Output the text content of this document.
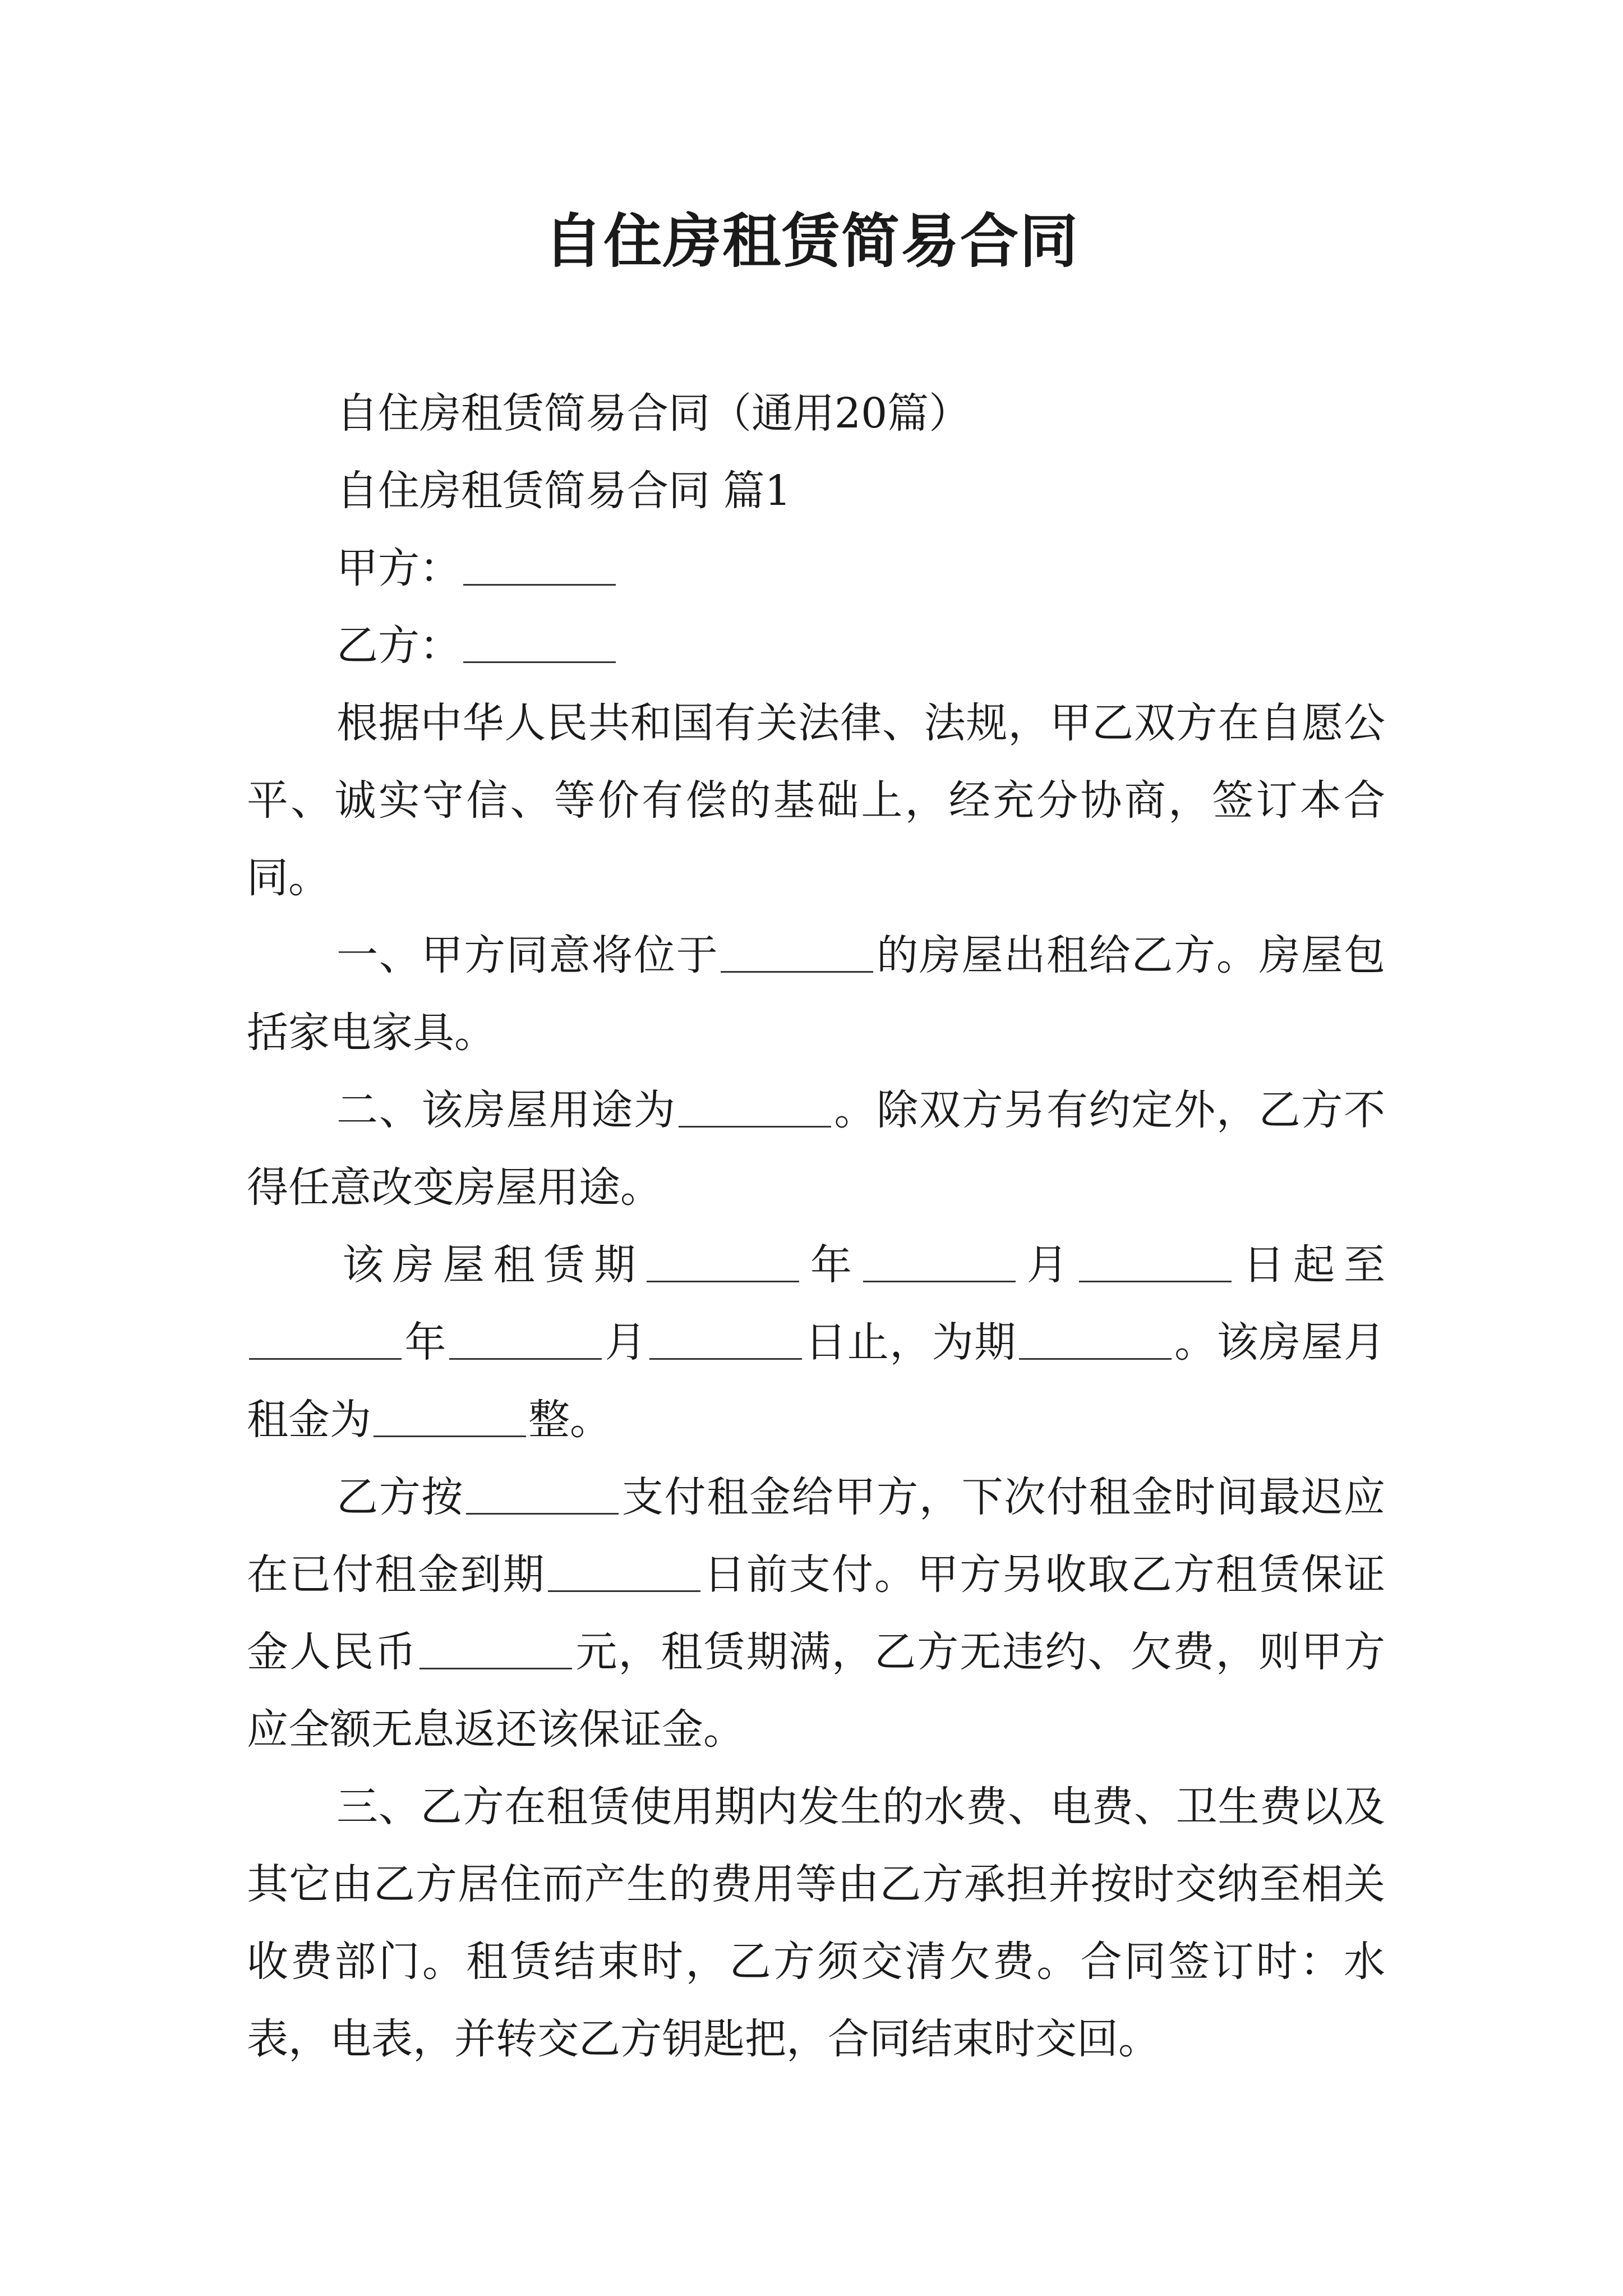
自住房租赁简易合同

自住房租赁简易合同（通用20篇）

自住房租赁简易合同 篇1

甲方：

乙方：

根据中华人民共和国有关法律、法规，甲乙双方在自愿公平、诚实守信、等价有偿的基础上，经充分协商，签订本合同。

一、甲方同意将位于	的房屋出租给乙方。房屋包括家电家具。

二、该房屋用途为	。除双方另有约定外，乙方不得任意改变房屋用途。

该房屋租赁期	年	月	日起至年	月	日止，为期	。该房屋月租金为	整。

乙方按	支付租金给甲方，下次付租金时间最迟应在已付租金到期	日前支付。甲方另收取乙方租赁保证金人民币	元，租赁期满，乙方无违约、欠费，则甲方应全额无息返还该保证金。

三、乙方在租赁使用期内发生的水费、电费、卫生费以及其它由乙方居住而产生的费用等由乙方承担并按时交纳至相关收费部门。租赁结束时，乙方须交清欠费。合同签订时：水表，电表，并转交乙方钥匙把，合同结束时交回。
